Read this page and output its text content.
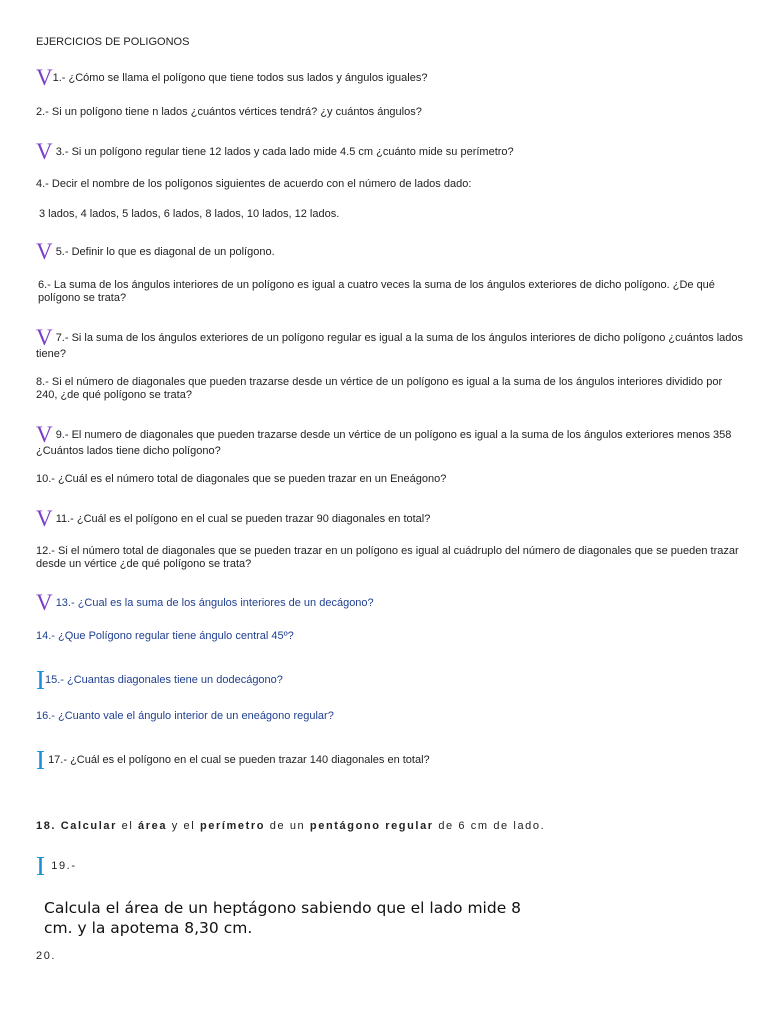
EJERCICIOS DE POLIGONOS
V1.- ¿Cómo se llama el polígono que tiene todos sus lados y ángulos iguales?
2.- Si un polígono tiene n lados ¿cuántos vértices tendrá? ¿y cuántos ángulos?
V 3.- Si un polígono regular tiene 12 lados y cada lado mide 4.5 cm ¿cuánto mide su perímetro?
4.- Decir el nombre de los polígonos siguientes de acuerdo con el número de lados dado:
3 lados, 4 lados, 5 lados, 6 lados, 8 lados, 10 lados, 12 lados.
V 5.- Definir lo que es diagonal de un polígono.
6.- La suma de los ángulos interiores de un polígono es igual a cuatro veces la suma de los ángulos exteriores de dicho polígono. ¿De qué polígono se trata?
V 7.- Si la suma de los ángulos exteriores de un polígono regular es igual a la suma de los ángulos interiores de dicho polígono ¿cuántos lados tiene?
8.- Si el número de diagonales que pueden trazarse desde un vértice de un polígono es igual a la suma de los ángulos interiores dividido por 240, ¿de qué polígono se trata?
V 9.- El numero de diagonales que pueden trazarse desde un vértice de un polígono es igual a la suma de los ángulos exteriores menos 358 ¿Cuántos lados tiene dicho polígono?
10.- ¿Cuál es el número total de diagonales que se pueden trazar en un Eneágono?
V 11.- ¿Cuál es el polígono en el cual se pueden trazar 90 diagonales en total?
12.- Si el número total de diagonales que se pueden trazar en un polígono es igual al cuádruplo del número de diagonales que se pueden trazar desde un vértice ¿de qué polígono se trata?
V 13.- ¿Cual es la suma de los ángulos interiores de un decágono?
14.- ¿Que Polígono regular tiene ángulo central 45º?
I15.- ¿Cuantas diagonales tiene un dodecágono?
16.- ¿Cuanto vale el ángulo interior de un eneágono regular?
I 17.- ¿Cuál es el polígono en el cual se pueden trazar 140 diagonales en total?
18. Calcular el área y el perímetro de un pentágono regular de 6 cm de lado.
I 19.-
Calcula el área de un heptágono sabiendo que el lado mide 8
cm. y la apotema 8,30 cm.
20.
